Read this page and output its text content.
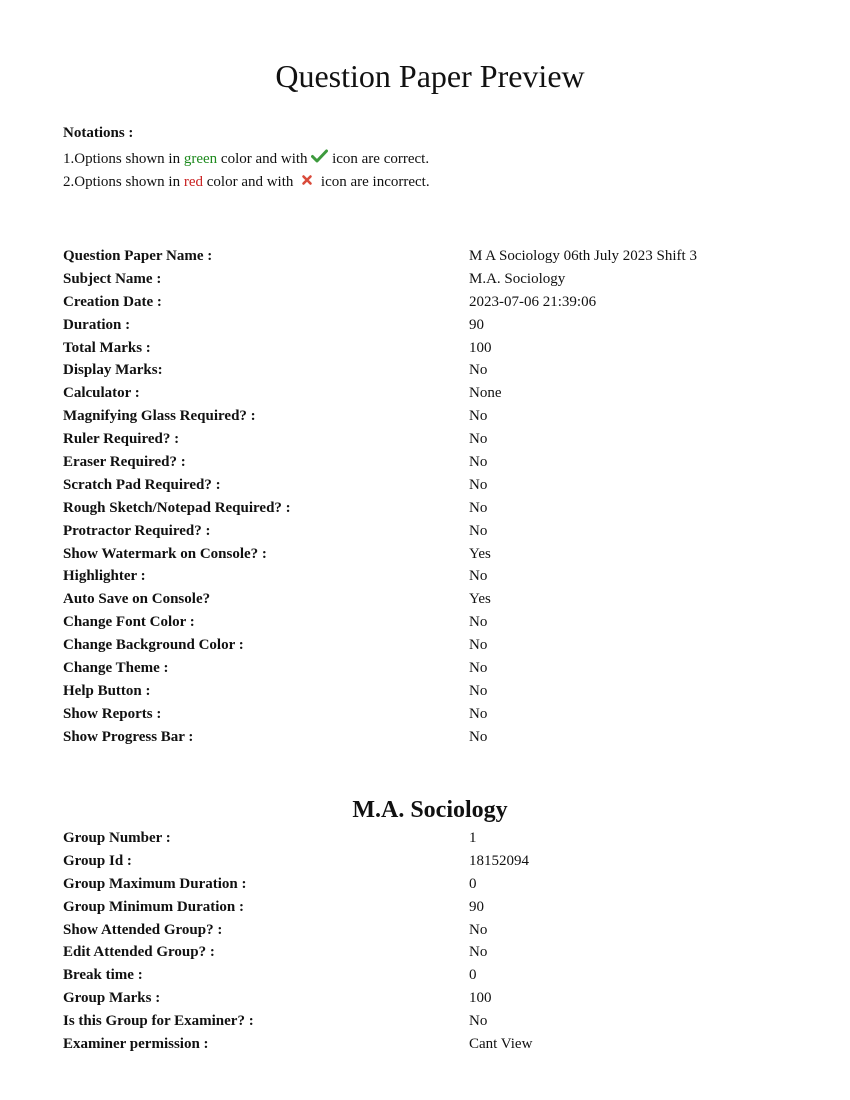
Question Paper Preview
Notations :
1.Options shown in green color and with  icon are correct.
2.Options shown in red color and with  icon are incorrect.
Question Paper Name :	M A Sociology 06th July 2023 Shift 3
Subject Name :	M.A. Sociology
Creation Date :	2023-07-06 21:39:06
Duration :	90
Total Marks :	100
Display Marks:	No
Calculator :	None
Magnifying Glass Required? :	No
Ruler Required? :	No
Eraser Required? :	No
Scratch Pad Required? :	No
Rough Sketch/Notepad Required? :	No
Protractor Required? :	No
Show Watermark on Console? :	Yes
Highlighter :	No
Auto Save on Console?	Yes
Change Font Color :	No
Change Background Color :	No
Change Theme :	No
Help Button :	No
Show Reports :	No
Show Progress Bar :	No
M.A. Sociology
Group Number :	1
Group Id :	18152094
Group Maximum Duration :	0
Group Minimum Duration :	90
Show Attended Group? :	No
Edit Attended Group? :	No
Break time :	0
Group Marks :	100
Is this Group for Examiner? :	No
Examiner permission :	Cant View
